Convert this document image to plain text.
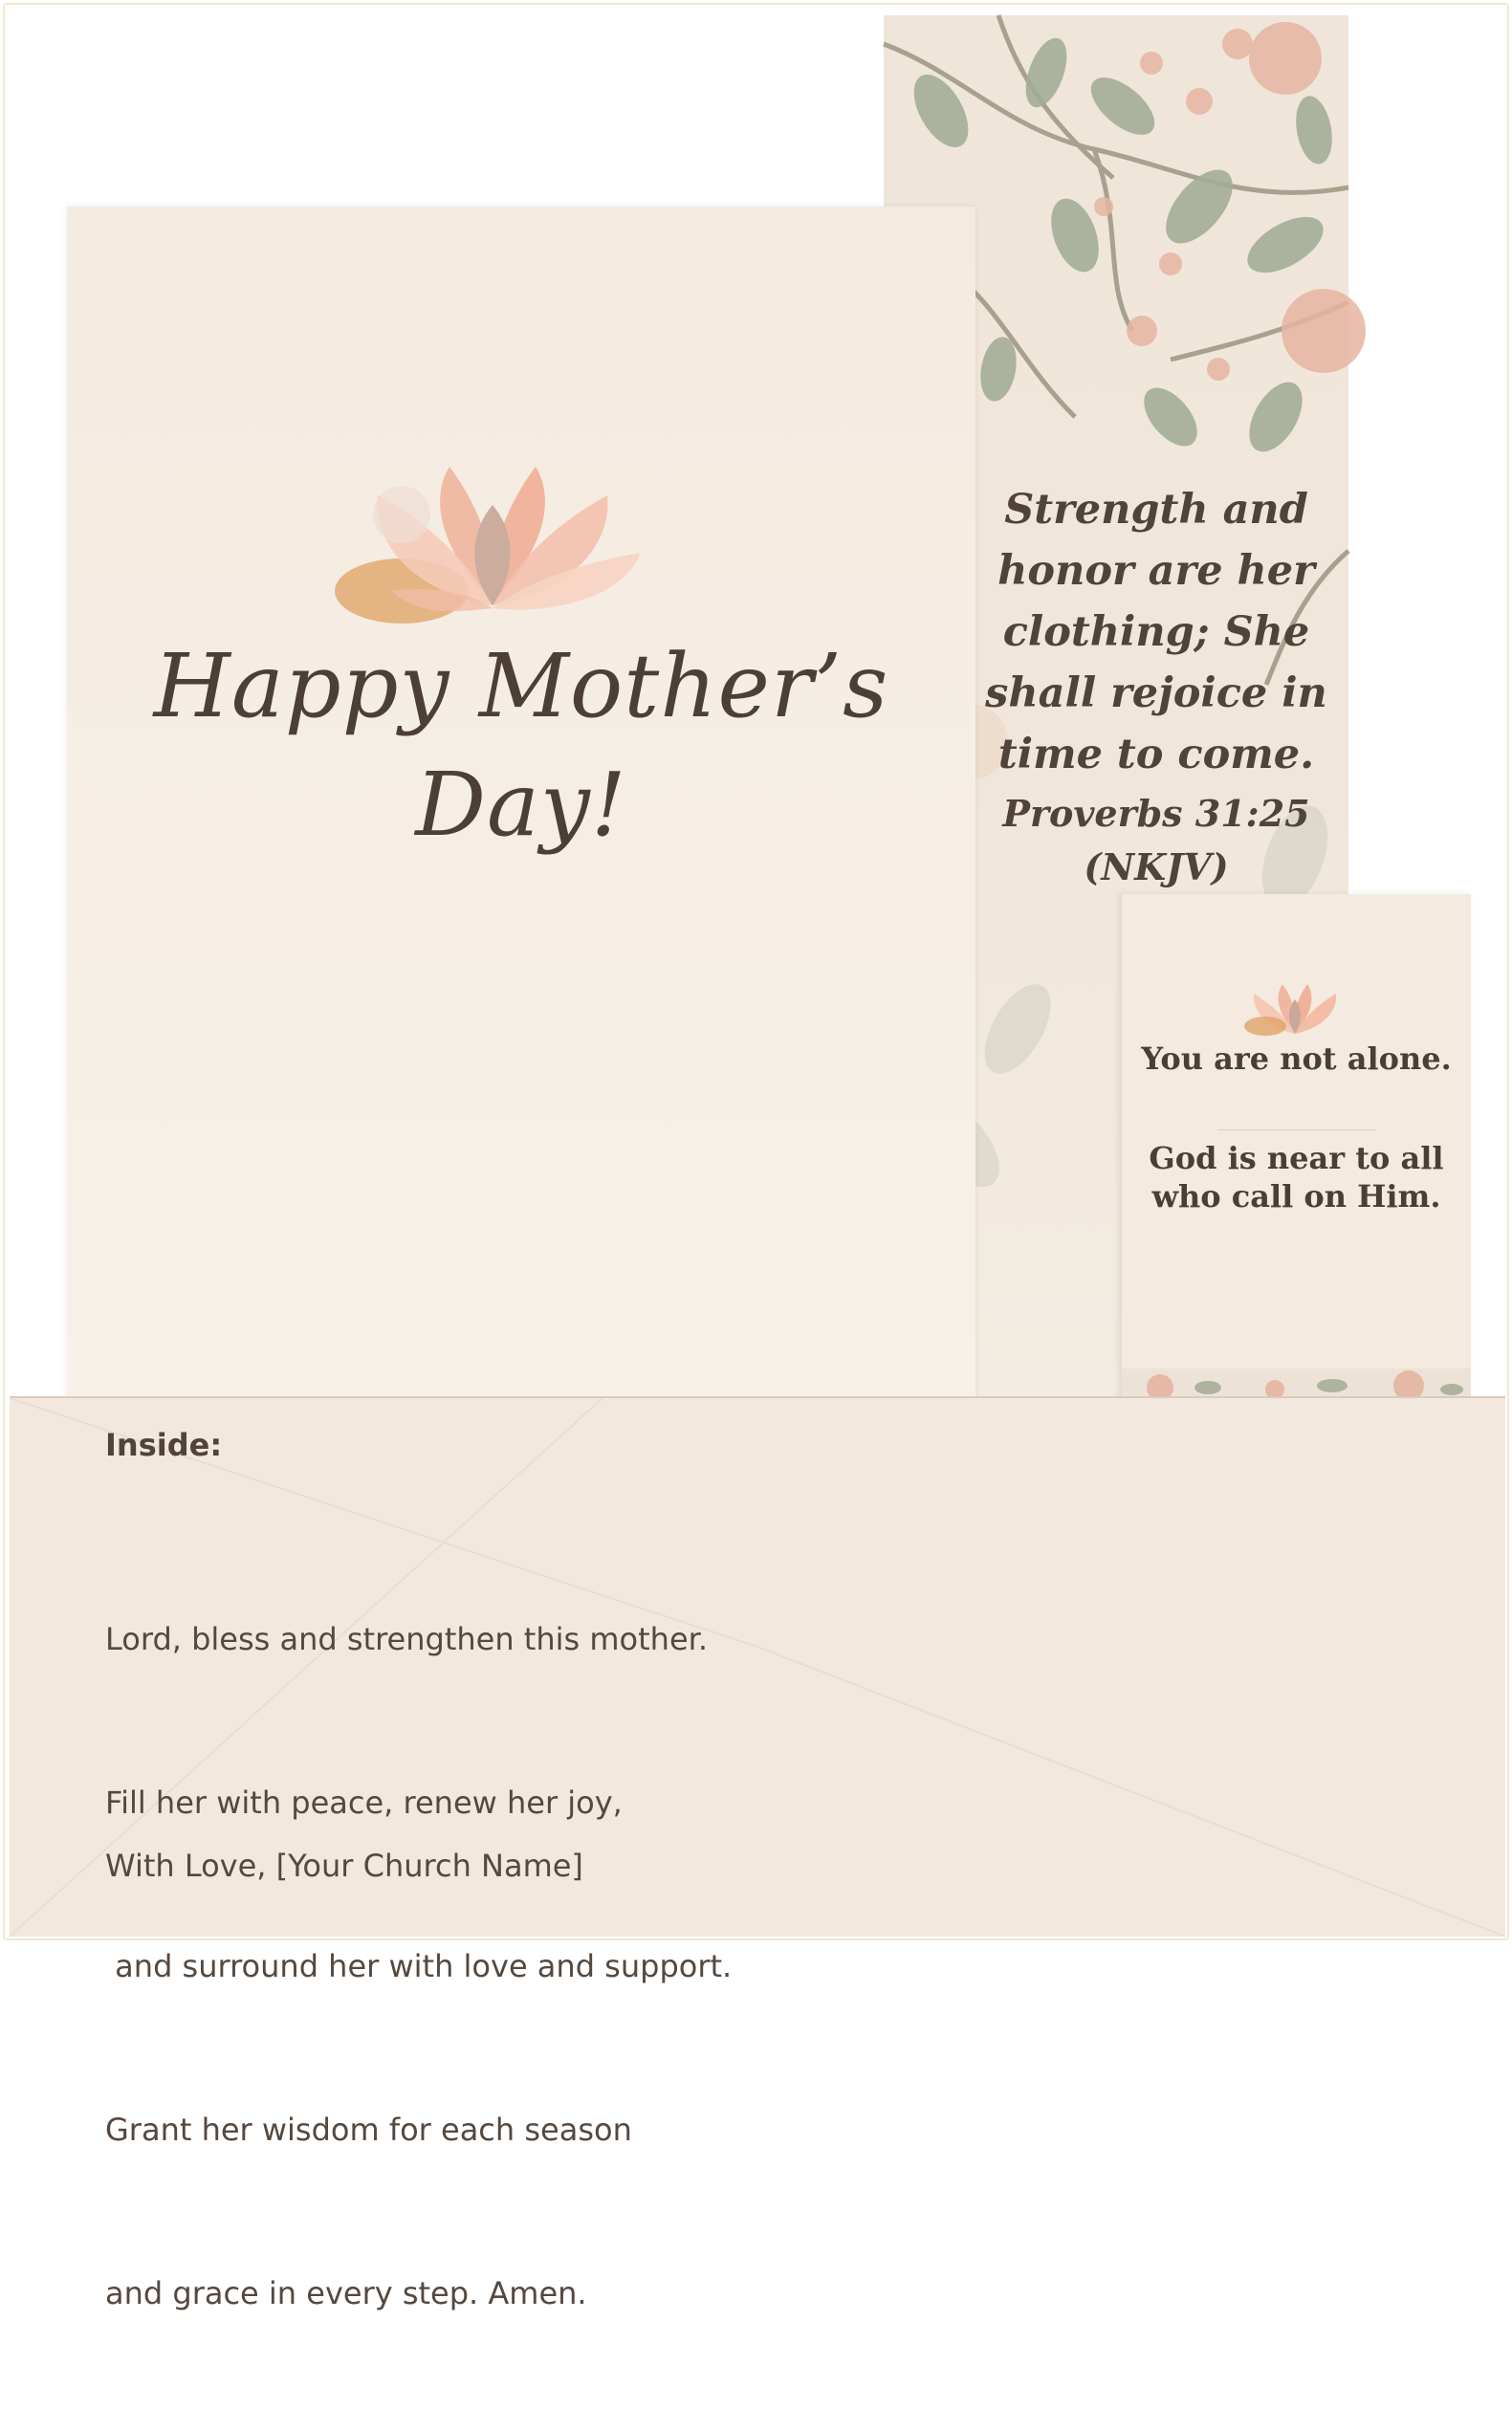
Strength and honor are her clothing; She shall rejoice in time to come.
Proverbs 31:25 (NKJV)
Happy Mother’s Day!
You are not alone.
God is near to all who call on Him.
Inside:

Lord, bless and strengthen this mother.

Fill her with peace, renew her joy,

and surround her with love and support.

Grant her wisdom for each season

and grace in every step. Amen.

With Love, [Your Church Name]
